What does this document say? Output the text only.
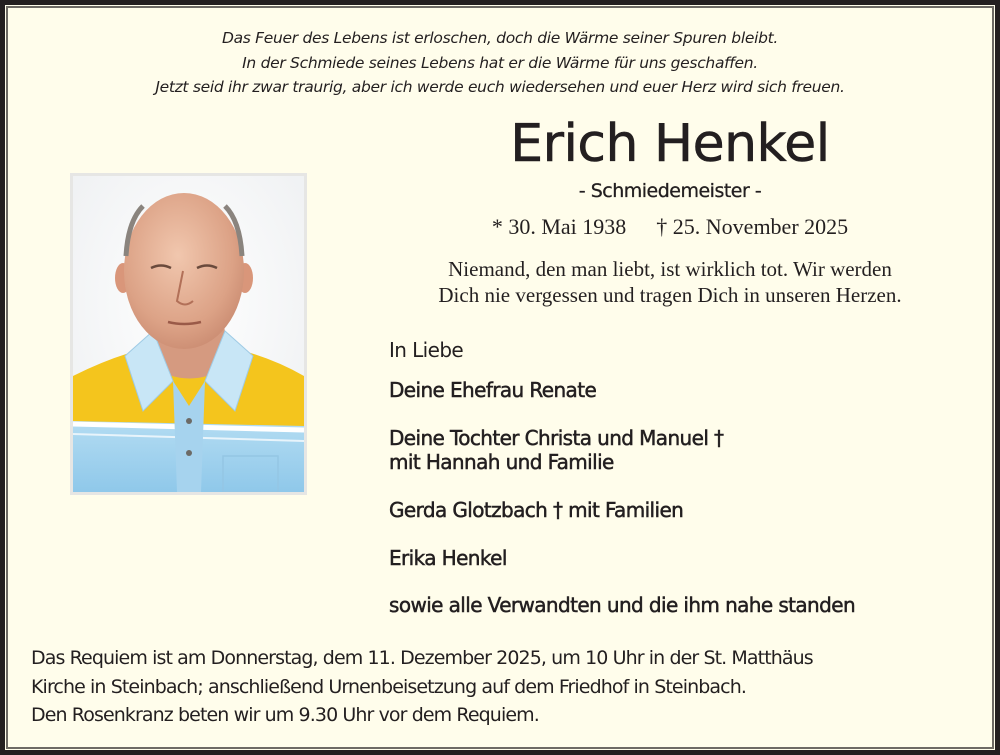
Das Feuer des Lebens ist erloschen, doch die Wärme seiner Spuren bleibt.
In der Schmiede seines Lebens hat er die Wärme für uns geschaffen.
Jetzt seid ihr zwar traurig, aber ich werde euch wiedersehen und euer Herz wird sich freuen.
Erich Henkel
- Schmiedemeister -
* 30. Mai 1938 † 25. November 2025
Niemand, den man liebt, ist wirklich tot. Wir werden
Dich nie vergessen und tragen Dich in unseren Herzen.
In Liebe
Deine Ehefrau Renate
Deine Tochter Christa und Manuel †
mit Hannah und Familie
Gerda Glotzbach † mit Familien
Erika Henkel
sowie alle Verwandten und die ihm nahe standen
Das Requiem ist am Donnerstag, dem 11. Dezember 2025, um 10 Uhr in der St. Matthäus
Kirche in Steinbach; anschließend Urnenbeisetzung auf dem Friedhof in Steinbach.
Den Rosenkranz beten wir um 9.30 Uhr vor dem Requiem.
